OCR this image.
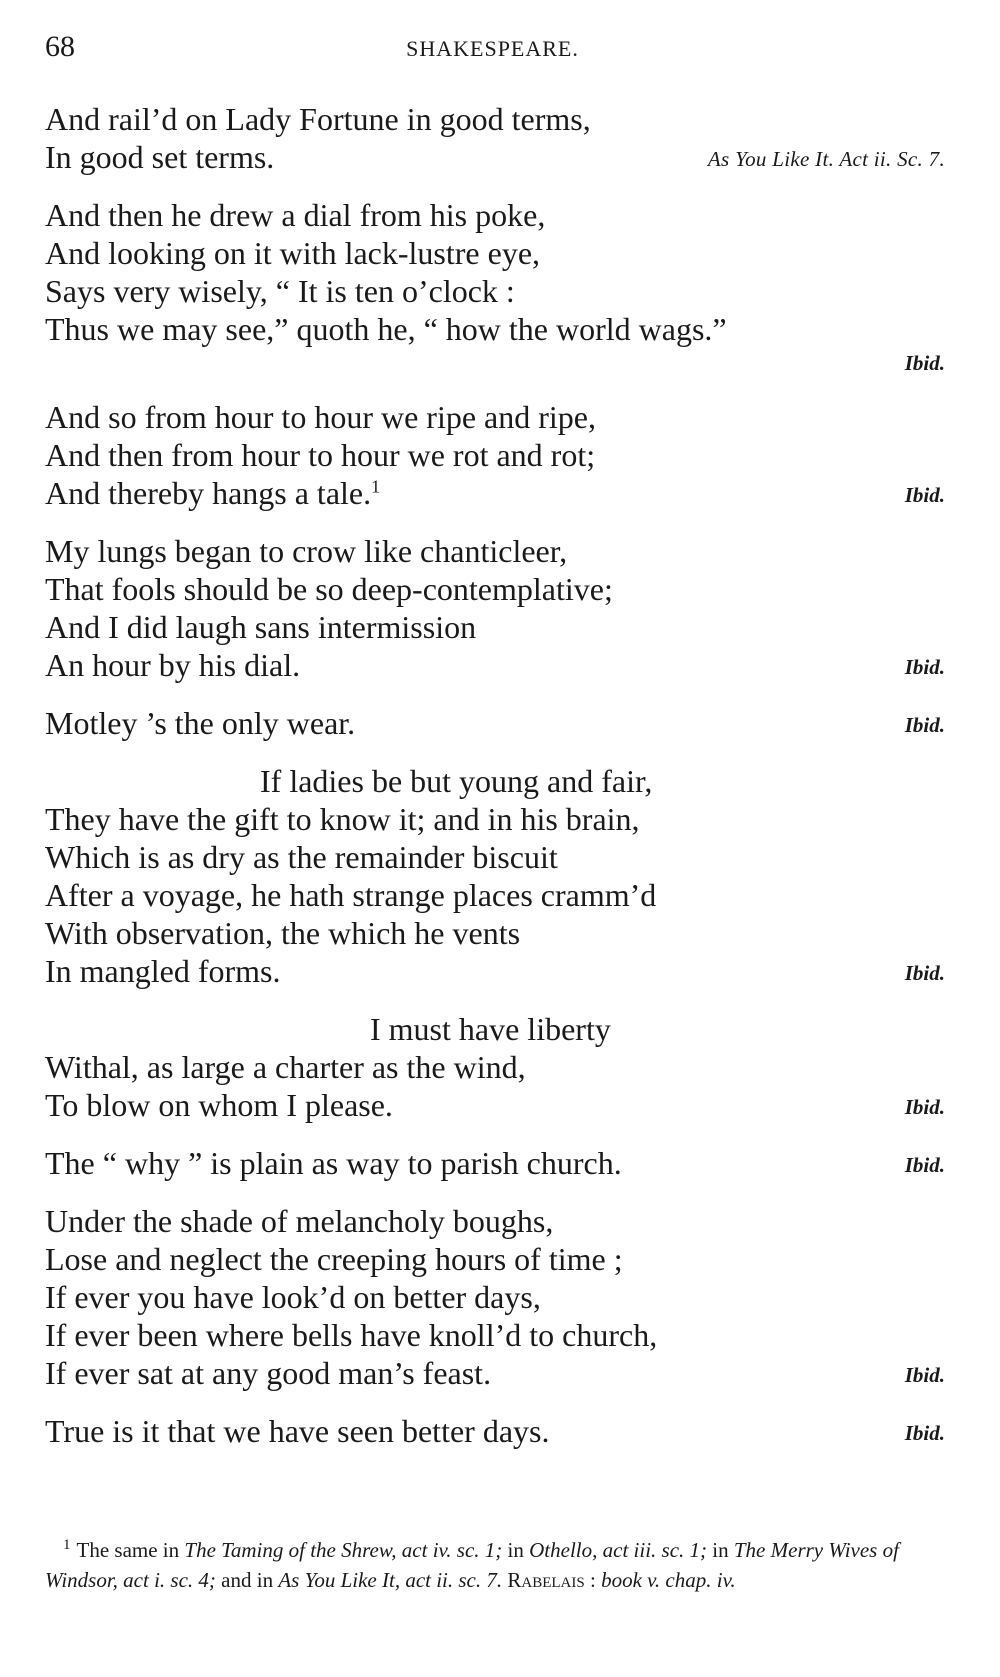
68	SHAKESPEARE.
And rail’d on Lady Fortune in good terms,
In good set terms.	As You Like It. Act ii. Sc. 7.
And then he drew a dial from his poke,
And looking on it with lack-lustre eye,
Says very wisely, “ It is ten o’clock :
Thus we may see,” quoth he, “ how the world wags.”
Ibid.
And so from hour to hour we ripe and ripe,
And then from hour to hour we rot and rot;
And thereby hangs a tale.$^1$	Ibid.
My lungs began to crow like chanticleer,
That fools should be so deep-contemplative;
And I did laugh sans intermission
An hour by his dial.	Ibid.
Motley ’s the only wear.	Ibid.
If ladies be but young and fair,
They have the gift to know it; and in his brain,
Which is as dry as the remainder biscuit
After a voyage, he hath strange places cramm’d
With observation, the which he vents
In mangled forms.	Ibid.
I must have liberty
Withal, as large a charter as the wind,
To blow on whom I please.	Ibid.
The “ why ” is plain as way to parish church.	Ibid.
Under the shade of melancholy boughs,
Lose and neglect the creeping hours of time ;
If ever you have look’d on better days,
If ever been where bells have knoll’d to church,
If ever sat at any good man’s feast.	Ibid.
True is it that we have seen better days.	Ibid.
$^1$ The same in The Taming of the Shrew, act iv. sc. 1; in Othello, act iii. sc. 1; in The Merry Wives of Windsor, act i. sc. 4; and in As You Like It, act ii. sc. 7. Rabelais : book v. chap. iv.
